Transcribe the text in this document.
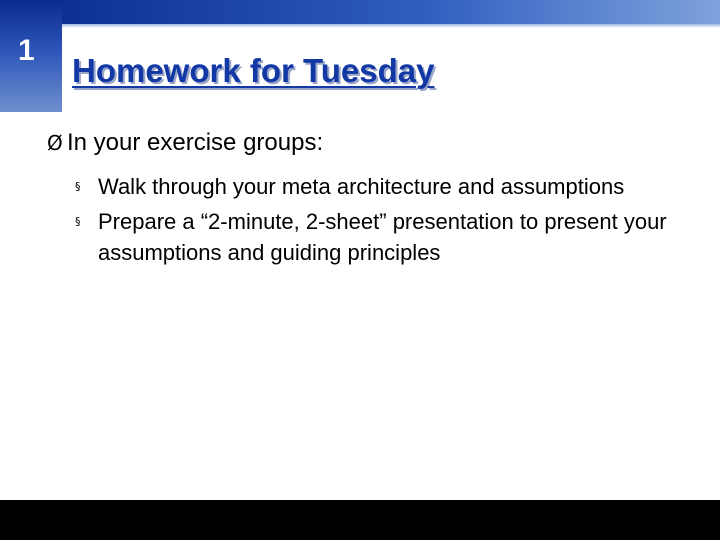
1
Homework for Tuesday
Ø In your exercise groups:
§ Walk through your meta architecture and assumptions
§ Prepare a “2-minute, 2-sheet” presentation to present your assumptions and guiding principles
